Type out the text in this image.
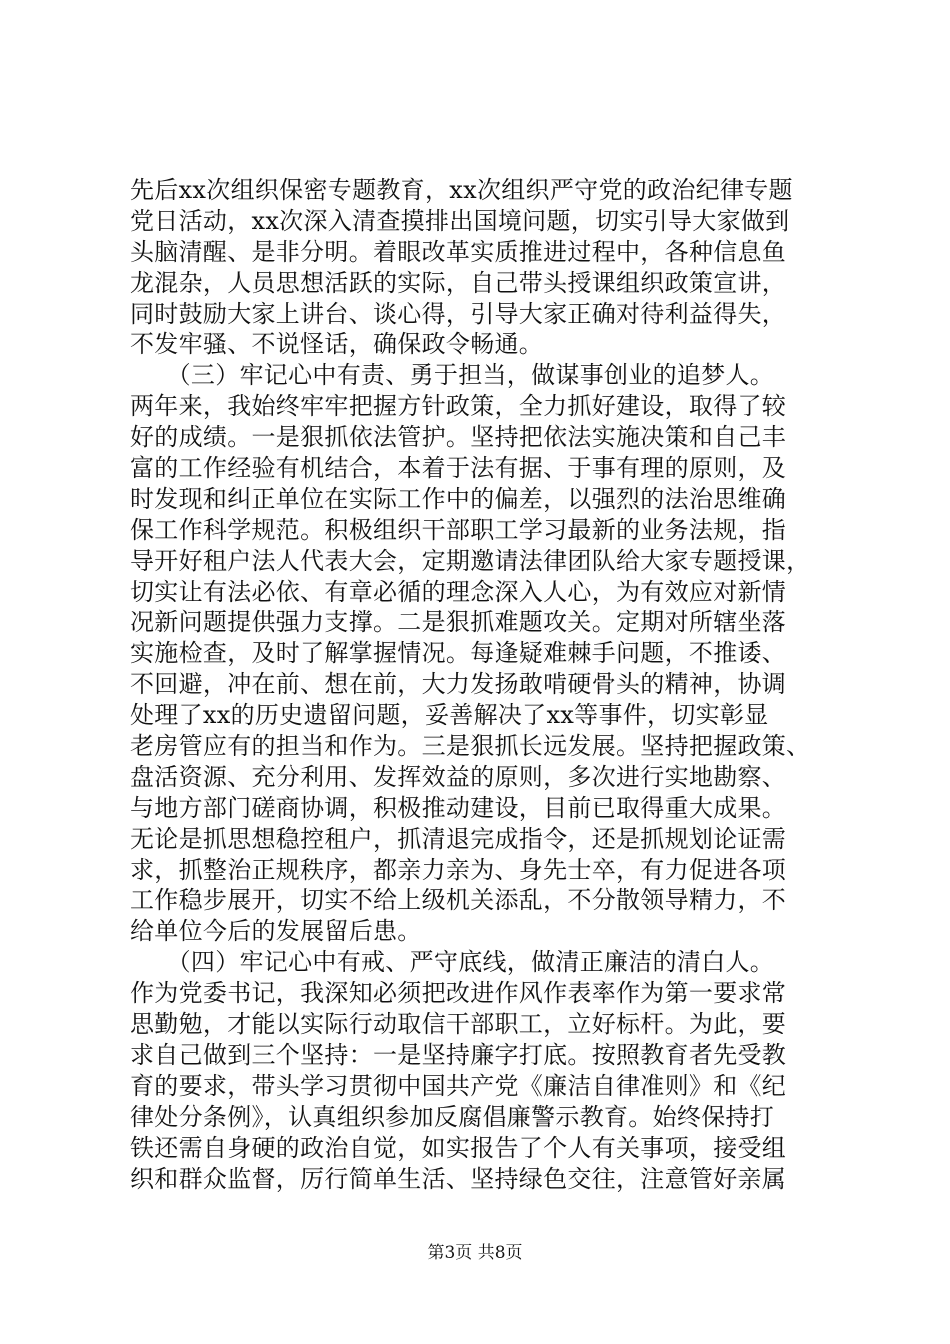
先后xx次组织保密专题教育，xx次组织严守党的政治纪律专题
党日活动，xx次深入清查摸排出国境问题，切实引导大家做到
头脑清醒、是非分明。着眼改革实质推进过程中，各种信息鱼
龙混杂，人员思想活跃的实际，自己带头授课组织政策宣讲，
同时鼓励大家上讲台、谈心得，引导大家正确对待利益得失，
不发牢骚、不说怪话，确保政令畅通。
　　（三）牢记心中有责、勇于担当，做谋事创业的追梦人。
两年来，我始终牢牢把握方针政策，全力抓好建设，取得了较
好的成绩。一是狠抓依法管护。坚持把依法实施决策和自己丰
富的工作经验有机结合，本着于法有据、于事有理的原则，及
时发现和纠正单位在实际工作中的偏差，以强烈的法治思维确
保工作科学规范。积极组织干部职工学习最新的业务法规，指
导开好租户法人代表大会，定期邀请法律团队给大家专题授课，
切实让有法必依、有章必循的理念深入人心，为有效应对新情
况新问题提供强力支撑。二是狠抓难题攻关。定期对所辖坐落
实施检查，及时了解掌握情况。每逢疑难棘手问题，不推诿、
不回避，冲在前、想在前，大力发扬敢啃硬骨头的精神，协调
处理了xx的历史遗留问题，妥善解决了xx等事件，切实彰显
老房管应有的担当和作为。三是狠抓长远发展。坚持把握政策、
盘活资源、充分利用、发挥效益的原则，多次进行实地勘察、
与地方部门磋商协调，积极推动建设，目前已取得重大成果。
无论是抓思想稳控租户，抓清退完成指令，还是抓规划论证需
求，抓整治正规秩序，都亲力亲为、身先士卒，有力促进各项
工作稳步展开，切实不给上级机关添乱，不分散领导精力，不
给单位今后的发展留后患。
　　（四）牢记心中有戒、严守底线，做清正廉洁的清白人。
作为党委书记，我深知必须把改进作风作表率作为第一要求常
思勤勉，才能以实际行动取信干部职工，立好标杆。为此，要
求自己做到三个坚持：一是坚持廉字打底。按照教育者先受教
育的要求，带头学习贯彻中国共产党《廉洁自律准则》和《纪
律处分条例》，认真组织参加反腐倡廉警示教育。始终保持打
铁还需自身硬的政治自觉，如实报告了个人有关事项，接受组
织和群众监督，厉行简单生活、坚持绿色交往，注意管好亲属
第3页 共8页
